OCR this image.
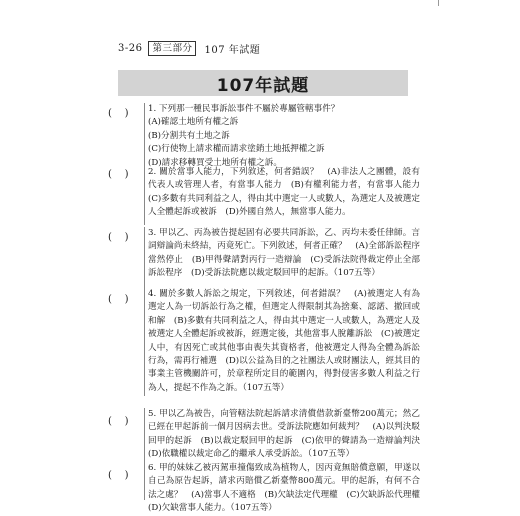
3-26	第三部分	107 年試題
107年試題
(    )	1. 下列那一種民事訴訟事件不屬於專屬管轄事件？
(A)確認土地所有權之訴
(B)分割共有土地之訴
(C)行使物上請求權而請求塗銷土地抵押權之訴
(D)請求移轉買受土地所有權之訴。
(    )	2. 關於當事人能力，下列敘述，何者錯誤？　(A)非法人之團體，設有代表人或管理人者，有當事人能力　(B)有權利能力者，有當事人能力　(C)多數有共同利益之人，得由其中選定一人或數人，為選定人及被選定人全體起訴或被訴　(D)外國自然人，無當事人能力。
(    )	3. 甲以乙、丙為被告提起固有必要共同訴訟，乙、丙均未委任律師。言詞辯論尚未終結，丙竟死亡。下列敘述，何者正確？　(A)全部訴訟程序當然停止　(B)甲得聲請對丙行一造辯論　(C)受訴法院得裁定停止全部訴訟程序　(D)受訴法院應以裁定駁回甲的起訴。（107五等）
(    )	4. 關於多數人訴訟之規定，下列敘述，何者錯誤？　(A)被選定人有為選定人為一切訴訟行為之權，但選定人得限制其為捨棄、認諾、撤回或和解　(B)多數有共同利益之人，得由其中選定一人或數人，為選定人及被選定人全體起訴或被訴，經選定後，其他當事人脫離訴訟　(C)被選定人中，有因死亡或其他事由喪失其資格者，他被選定人得為全體為訴訟行為，需再行補選　(D)以公益為目的之社團法人或財團法人，經其目的事業主管機關許可，於章程所定目的範圍內，得對侵害多數人利益之行為人，提起不作為之訴。（107五等）
(    )
5. 甲以乙為被告，向管轄法院起訴請求清償借款新臺幣200萬元；然乙已經在甲起訴前一個月因病去世。受訴法院應如何裁判？　(A)以判決駁回甲的起訴　(B)以裁定駁回甲的起訴　(C)依甲的聲請為一造辯論判決　(D)依職權以裁定命乙的繼承人承受訴訟。（107五等）
(    )
6. 甲的妹妹乙被丙駕車撞傷致成為植物人，因丙竟無賠償意願，甲遂以自己為原告起訴，請求丙賠償乙新臺幣800萬元。甲的起訴，有何不合法之處？　(A)當事人不適格　(B)欠缺法定代理權　(C)欠缺訴訟代理權　(D)欠缺當事人能力。（107五等）
